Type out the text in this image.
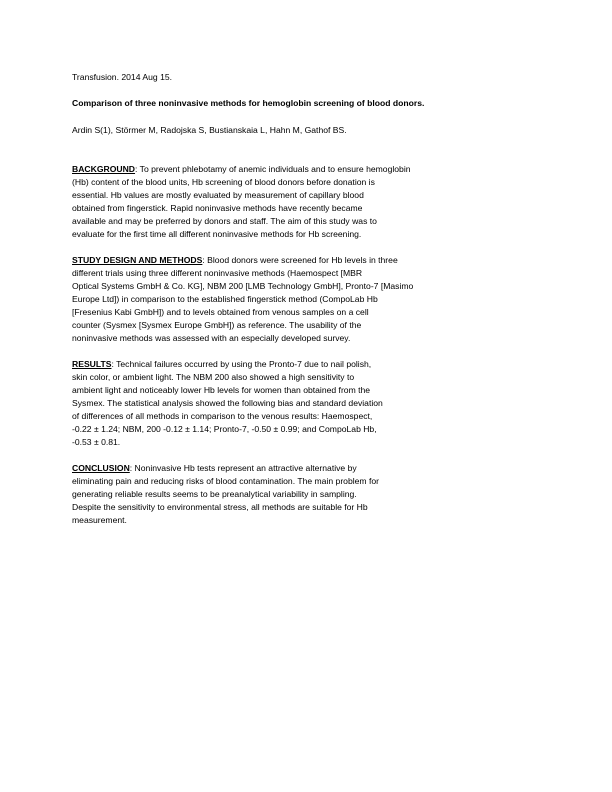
Transfusion. 2014 Aug 15.
Comparison of three noninvasive methods for hemoglobin screening of blood donors.
Ardin S(1), Störmer M, Radojska S, Bustianskaia L, Hahn M, Gathof BS.
BACKGROUND: To prevent phlebotamy of anemic individuals and to ensure hemoglobin
(Hb) content of the blood units, Hb screening of blood donors before donation is
essential. Hb values are mostly evaluated by measurement of capillary blood
obtained from fingerstick. Rapid noninvasive methods have recently became
available and may be preferred by donors and staff. The aim of this study was to
evaluate for the first time all different noninvasive methods for Hb screening.
STUDY DESIGN AND METHODS: Blood donors were screened for Hb levels in three
different trials using three different noninvasive methods (Haemospect [MBR
Optical Systems GmbH & Co. KG], NBM 200 [LMB Technology GmbH], Pronto-7 [Masimo
Europe Ltd]) in comparison to the established fingerstick method (CompoLab Hb
[Fresenius Kabi GmbH]) and to levels obtained from venous samples on a cell
counter (Sysmex [Sysmex Europe GmbH]) as reference. The usability of the
noninvasive methods was assessed with an especially developed survey.
RESULTS: Technical failures occurred by using the Pronto-7 due to nail polish,
skin color, or ambient light. The NBM 200 also showed a high sensitivity to
ambient light and noticeably lower Hb levels for women than obtained from the
Sysmex. The statistical analysis showed the following bias and standard deviation
of differences of all methods in comparison to the venous results: Haemospect,
-0.22 ± 1.24; NBM, 200 -0.12 ± 1.14; Pronto-7, -0.50 ± 0.99; and CompoLab Hb,
-0.53 ± 0.81.
CONCLUSION: Noninvasive Hb tests represent an attractive alternative by
eliminating pain and reducing risks of blood contamination. The main problem for
generating reliable results seems to be preanalytical variability in sampling.
Despite the sensitivity to environmental stress, all methods are suitable for Hb
measurement.
